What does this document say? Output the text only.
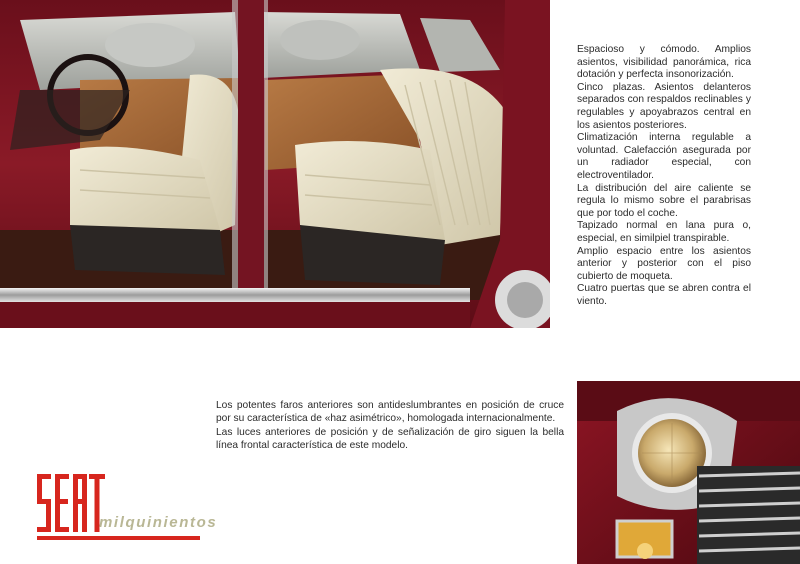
Espacioso y cómodo. Amplios asientos, visibilidad panorámica, rica dotación y perfecta insonorización.

Cinco plazas. Asientos delanteros separados con respaldos reclinables y regulables y apoyabrazos central en los asientos posteriores.

Climatización interna regulable a voluntad. Calefacción asegurada por un radiador especial, con electroventilador.

La distribución del aire caliente se regula lo mismo sobre el parabrisas que por todo el coche.

Tapizado normal en lana pura o, especial, en similpiel transpirable.

Amplio espacio entre los asientos anterior y posterior con el piso cubierto de moqueta.

Cuatro puertas que se abren contra el viento.

Los potentes faros anteriores son antideslumbrantes en posición de cruce por su característica de «haz asimétrico», homologada internacionalmente.

Las luces anteriores de posición y de señalización de giro siguen la bella línea frontal característica de este modelo.

milquinientos
